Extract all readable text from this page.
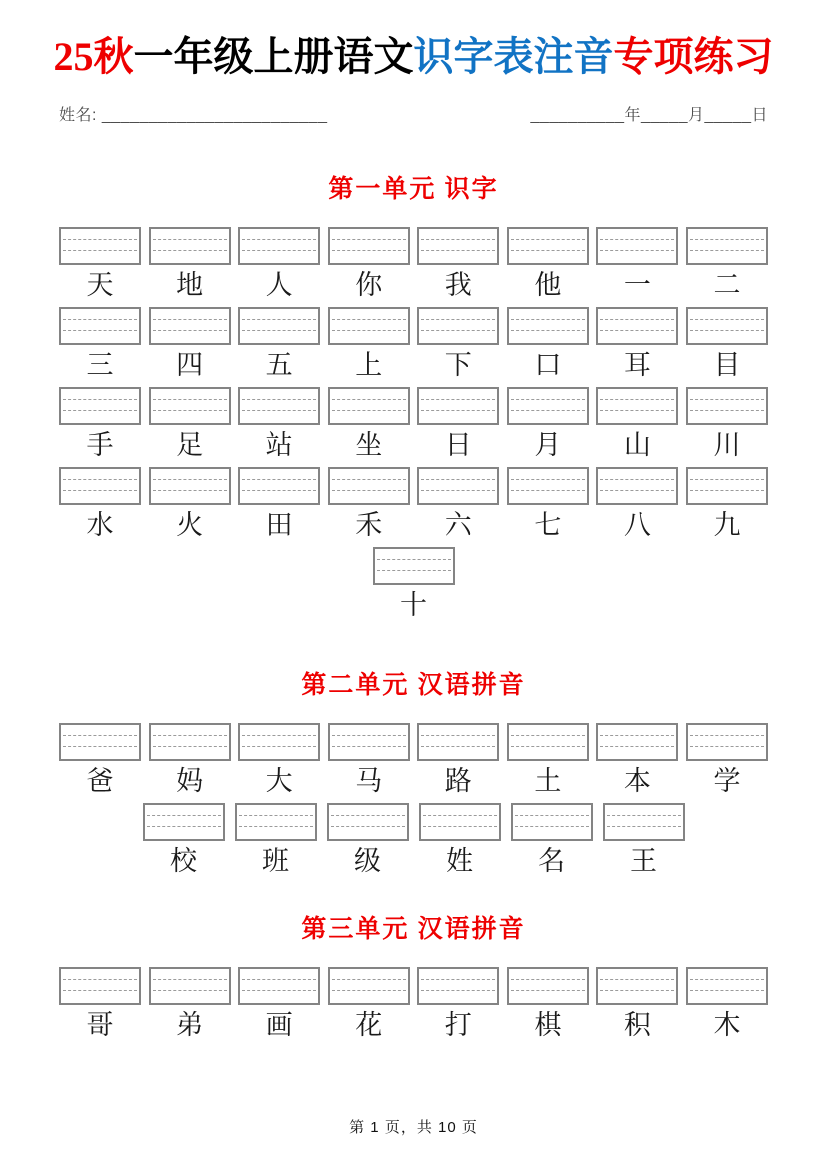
25秋一年级上册语文识字表注音专项练习
姓名: ________________________	__________年_____月_____日
第一单元 识字
天	地	人	你	我	他	一	二
三	四	五	上	下	口	耳	目
手	足	站	坐	日	月	山	川
水	火	田	禾	六	七	八	九
十
第二单元 汉语拼音
爸	妈	大	马	路	土	本	学
校	班	级	姓	名	王
第三单元 汉语拼音
哥	弟	画	花	打	棋	积	木
第 1 页，共 10 页
